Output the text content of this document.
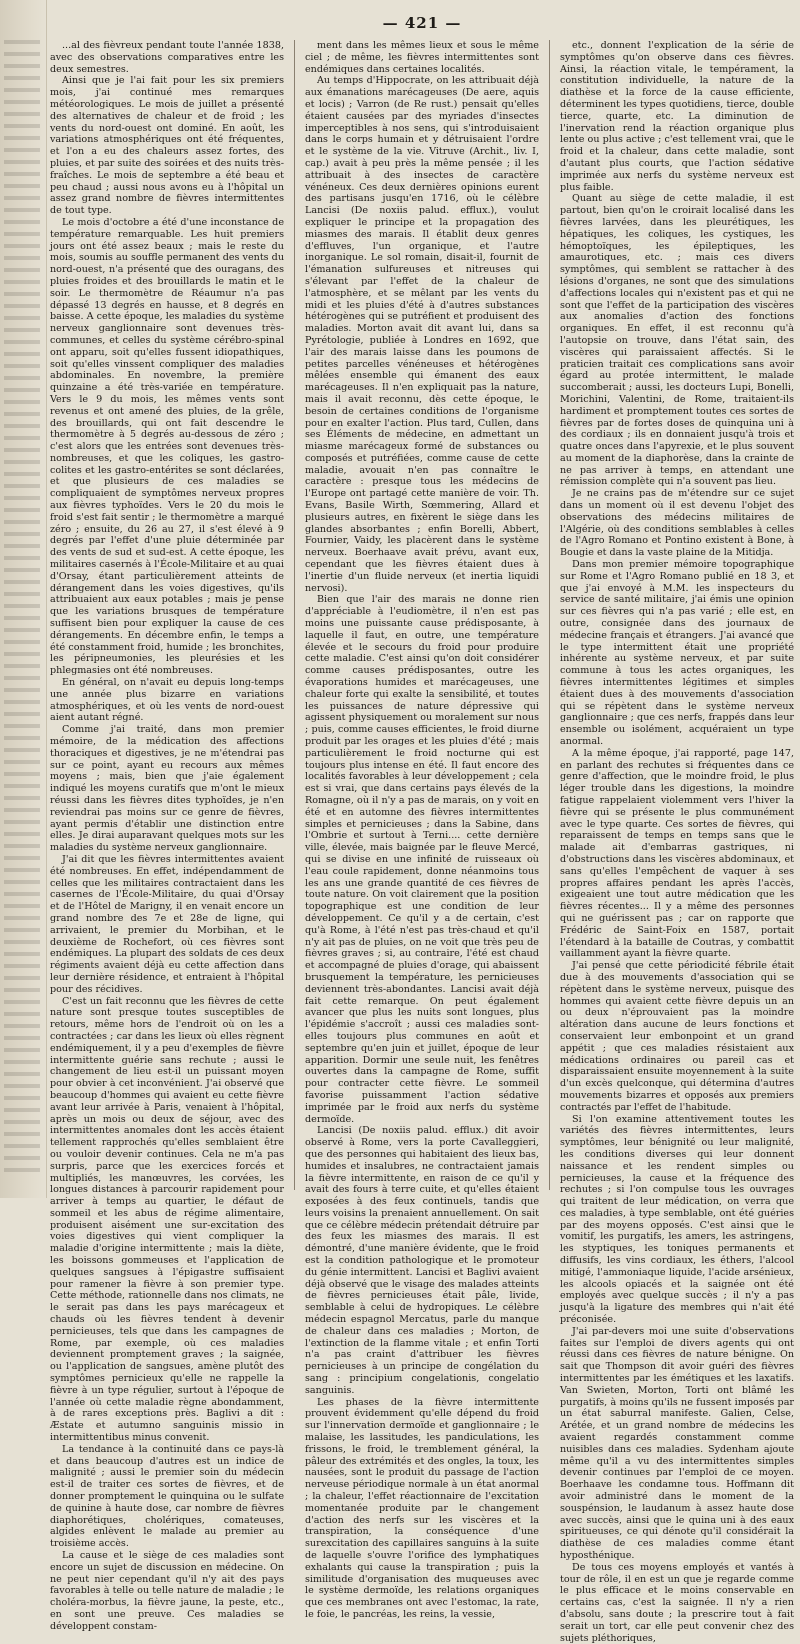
— 421 —

...al des fièvreux pendant toute l'année 1838, avec des observations comparatives entre les deux semestres.

Ainsi que je l'ai fait pour les six premiers mois, j'ai continué mes remarques météorologiques. Le mois de juillet a présenté des alternatives de chaleur et de froid ; les vents du nord-ouest ont dominé. En août, les variations atmosphériques ont été fréquentes, et l'on a eu des chaleurs assez fortes, des pluies, et par suite des soirées et des nuits très-fraîches. Le mois de septembre a été beau et peu chaud ; aussi nous avons eu à l'hôpital un assez grand nombre de fièvres intermittentes de tout type.

Le mois d'octobre a été d'une inconstance de température remarquable. Les huit premiers jours ont été assez beaux ; mais le reste du mois, soumis au souffle permanent des vents du nord-ouest, n'a présenté que des ouragans, des pluies froides et des brouillards le matin et le soir. Le thermomètre de Réaumur n'a pas dépassé 13 degrés en hausse, et 8 degrés en baisse. A cette époque, les maladies du système nerveux ganglionnaire sont devenues très-communes, et celles du système cérébro-spinal ont apparu, soit qu'elles fussent idiopathiques, soit qu'elles vinssent compliquer des maladies abdominales. En novembre, la première quinzaine a été très-variée en température. Vers le 9 du mois, les mêmes vents sont revenus et ont amené des pluies, de la grêle, des brouillards, qui ont fait descendre le thermomètre à 5 degrés au-dessous de zéro ; c'est alors que les entrées sont devenues très-nombreuses, et que les coliques, les gastro-colites et les gastro-entérites se sont déclarées, et que plusieurs de ces maladies se compliquaient de symptômes nerveux propres aux fièvres typhoïdes. Vers le 20 du mois le froid s'est fait sentir ; le thermomètre a marqué zéro ; ensuite, du 26 au 27, il s'est élevé à 9 degrés par l'effet d'une pluie déterminée par des vents de sud et sud-est. A cette époque, les militaires casernés à l'École-Militaire et au quai d'Orsay, étant particulièrement atteints de dérangement dans les voies digestives, qu'ils attribuaient aux eaux potables ; mais je pense que les variations brusques de température suffisent bien pour expliquer la cause de ces dérangements. En décembre enfin, le temps a été constamment froid, humide ; les bronchites, les péripneumonies, les pleurésies et les phlegmasies ont été nombreuses.

En général, on n'avait eu depuis long-temps une année plus bizarre en variations atmosphériques, et où les vents de nord-ouest aient autant régné.

Comme j'ai traité, dans mon premier mémoire, de la médication des affections thoraciques et digestives, je ne m'étendrai pas sur ce point, ayant eu recours aux mêmes moyens ; mais, bien que j'aie également indiqué les moyens curatifs que m'ont le mieux réussi dans les fièvres dites typhoïdes, je n'en reviendrai pas moins sur ce genre de fièvres, ayant permis d'établir une distinction entre elles. Je dirai auparavant quelques mots sur les maladies du système nerveux ganglionnaire.

J'ai dit que les fièvres intermittentes avaient été nombreuses. En effet, indépendamment de celles que les militaires contractaient dans les casernes de l'École-Militaire, du quai d'Orsay et de l'Hôtel de Marigny, il en venait encore un grand nombre des 7e et 28e de ligne, qui arrivaient, le premier du Morbihan, et le deuxième de Rochefort, où ces fièvres sont endémiques. La plupart des soldats de ces deux régiments avaient déjà eu cette affection dans leur dernière résidence, et entraient à l'hôpital pour des récidives.

C'est un fait reconnu que les fièvres de cette nature sont presque toutes susceptibles de retours, même hors de l'endroit où on les a contractées ; car dans les lieux où elles règnent endémiquement, il y a peu d'exemples de fièvre intermittente guérie sans rechute ; aussi le changement de lieu est-il un puissant moyen pour obvier à cet inconvénient. J'ai observé que beaucoup d'hommes qui avaient eu cette fièvre avant leur arrivée à Paris, venaient à l'hôpital, après un mois ou deux de séjour, avec des intermittentes anomales dont les accès étaient tellement rapprochés qu'elles semblaient être ou vouloir devenir continues. Cela ne m'a pas surpris, parce que les exercices forcés et multipliés, les manœuvres, les corvées, les longues distances à parcourir rapidement pour arriver à temps au quartier, le défaut de sommeil et les abus de régime alimentaire, produisent aisément une sur-excitation des voies digestives qui vient compliquer la maladie d'origine intermittente ; mais la diète, les boissons gommeuses et l'application de quelques sangsues à l'épigastre suffisaient pour ramener la fièvre à son premier type. Cette méthode, rationnelle dans nos climats, ne le serait pas dans les pays marécageux et chauds où les fièvres tendent à devenir pernicieuses, tels que dans les campagnes de Rome, par exemple, où ces maladies deviennent promptement graves ; la saignée, ou l'application de sangsues, amène plutôt des symptômes pernicieux qu'elle ne rappelle la fièvre à un type régulier, surtout à l'époque de l'année où cette maladie règne abondamment, à de rares exceptions près. Baglivi a dit : Æstate et autumno sanguinis missio in intermittentibus minus convenit.

La tendance à la continuité dans ce pays-là et dans beaucoup d'autres est un indice de malignité ; aussi le premier soin du médecin est-il de traiter ces sortes de fièvres, et de donner promptement le quinquina ou le sulfate de quinine à haute dose, car nombre de fièvres diaphorétiques, cholériques, comateuses, algides enlèvent le malade au premier au troisième accès.

La cause et le siège de ces maladies sont encore un sujet de discussion en médecine. On ne peut nier cependant qu'il n'y ait des pays favorables à telle ou telle nature de maladie ; le choléra-morbus, la fièvre jaune, la peste, etc., en sont une preuve. Ces maladies se développent constam-

ment dans les mêmes lieux et sous le même ciel ; de même, les fièvres intermittentes sont endémiques dans certaines localités.

Au temps d'Hippocrate, on les attribuait déjà aux émanations marécageuses (De aere, aquis et locis) ; Varron (de Re rust.) pensait qu'elles étaient causées par des myriades d'insectes imperceptibles à nos sens, qui s'introduisaient dans le corps humain et y détruisaient l'ordre et le système de la vie. Vitruve (Archit., liv. I, cap.) avait à peu près la même pensée ; il les attribuait à des insectes de caractère vénéneux. Ces deux dernières opinions eurent des partisans jusqu'en 1716, où le célèbre Lancisi (De noxiis palud. efflux.), voulut expliquer le principe et la propagation des miasmes des marais. Il établit deux genres d'effluves, l'un organique, et l'autre inorganique. Le sol romain, disait-il, fournit de l'émanation sulfureuses et nitreuses qui s'élevant par l'effet de la chaleur de l'atmosphère, et se mêlant par les vents du midi et les pluies d'été à d'autres substances hétérogènes qui se putréfient et produisent des maladies. Morton avait dit avant lui, dans sa Pyrétologie, publiée à Londres en 1692, que l'air des marais laisse dans les poumons de petites parcelles vénéneuses et hétérogènes mêlées ensemble qui émanent des eaux marécageuses. Il n'en expliquait pas la nature, mais il avait reconnu, dès cette époque, le besoin de certaines conditions de l'organisme pour en exalter l'action. Plus tard, Cullen, dans ses Éléments de médecine, en admettant un miasme marécageux formé de substances ou composés et putréfiées, comme cause de cette maladie, avouait n'en pas connaître le caractère : presque tous les médecins de l'Europe ont partagé cette manière de voir. Th. Evans, Basile Wirth, Sœmmering, Allard et plusieurs autres, en fixèrent le siège dans les glandes absorbantes ; enfin Borelli, Abbert, Fournier, Vaidy, les placèrent dans le système nerveux. Boerhaave avait prévu, avant eux, cependant que les fièvres étaient dues à l'inertie d'un fluide nerveux (et inertia liquidi nervosi).

Bien que l'air des marais ne donne rien d'appréciable à l'eudiomètre, il n'en est pas moins une puissante cause prédisposante, à laquelle il faut, en outre, une température élevée et le secours du froid pour produire cette maladie. C'est ainsi qu'on doit considérer comme causes prédisposantes, outre les évaporations humides et marécageuses, une chaleur forte qui exalte la sensibilité, et toutes les puissances de nature dépressive qui agissent physiquement ou moralement sur nous ; puis, comme causes efficientes, le froid diurne produit par les orages et les pluies d'été ; mais particulièrement le froid nocturne qui est toujours plus intense en été. Il faut encore des localités favorables à leur développement ; cela est si vrai, que dans certains pays élevés de la Romagne, où il n'y a pas de marais, on y voit en été et en automne des fièvres intermittentes simples et pernicieuses ; dans la Sabine, dans l'Ombrie et surtout à Terni.... cette dernière ville, élevée, mais baignée par le fleuve Mercé, qui se divise en une infinité de ruisseaux où l'eau coule rapidement, donne néanmoins tous les ans une grande quantité de ces fièvres de toute nature. On voit clairement que la position topographique est une condition de leur développement. Ce qu'il y a de certain, c'est qu'à Rome, à l'été n'est pas très-chaud et qu'il n'y ait pas de pluies, on ne voit que très peu de fièvres graves ; si, au contraire, l'été est chaud et accompagné de pluies d'orage, qui abaissent brusquement la température, les pernicieuses deviennent très-abondantes. Lancisi avait déjà fait cette remarque. On peut également avancer que plus les nuits sont longues, plus l'épidémie s'accroît ; aussi ces maladies sont-elles toujours plus communes en août et septembre qu'en juin et juillet, époque de leur apparition. Dormir une seule nuit, les fenêtres ouvertes dans la campagne de Rome, suffit pour contracter cette fièvre. Le sommeil favorise puissamment l'action sédative imprimée par le froid aux nerfs du système dermoïde.

Lancisi (De noxiis palud. efflux.) dit avoir observé à Rome, vers la porte Cavalleggieri, que des personnes qui habitaient des lieux bas, humides et insalubres, ne contractaient jamais la fièvre intermittente, en raison de ce qu'il y avait des fours à terre cuite, et qu'elles étaient exposées à des feux continuels, tandis que leurs voisins la prenaient annuellement. On sait que ce célèbre médecin prétendait détruire par des feux les miasmes des marais. Il est démontré, d'une manière évidente, que le froid est la condition pathologique et le promoteur du génie intermittent. Lancisi et Baglivi avaient déjà observé que le visage des malades atteints de fièvres pernicieuses était pâle, livide, semblable à celui de hydropiques. Le célèbre médecin espagnol Mercatus, parle du manque de chaleur dans ces maladies ; Morton, de l'extinction de la flamme vitale ; et enfin Torti n'a pas craint d'attribuer les fièvres pernicieuses à un principe de congélation du sang : principium congelationis, congelatio sanguinis.

Les phases de la fièvre intermittente prouvent évidemment qu'elle dépend du froid sur l'innervation dermoïde et ganglionnaire ; le malaise, les lassitudes, les pandiculations, les frissons, le froid, le tremblement général, la pâleur des extrémités et des ongles, la toux, les nausées, sont le produit du passage de l'action nerveuse périodique normale à un état anormal ; la chaleur, l'effet réactionnaire de l'excitation momentanée produite par le changement d'action des nerfs sur les viscères et la transpiration, la conséquence d'une surexcitation des capillaires sanguins à la suite de laquelle s'ouvre l'orifice des lymphatiques exhalants qui cause la transpiration ; puis la similitude d'organisation des muqueuses avec le système dermoïde, les relations organiques que ces membranes ont avec l'estomac, la rate, le foie, le pancréas, les reins, la vessie,

etc., donnent l'explication de la série de symptômes qu'on observe dans ces fièvres. Ainsi, la réaction vitale, le tempérament, la constitution individuelle, la nature de la diathèse et la force de la cause efficiente, déterminent les types quotidiens, tierce, double tierce, quarte, etc. La diminution de l'inervation rend la réaction organique plus lente ou plus active ; c'est tellement vrai, que le froid et la chaleur, dans cette maladie, sont d'autant plus courts, que l'action sédative imprimée aux nerfs du système nerveux est plus faible.

Quant au siège de cette maladie, il est partout, bien qu'on le croirait localisé dans les fièvres larvées, dans les pleurétiques, les hépatiques, les coliques, les cystiques, les hémoptoïques, les épileptiques, les amaurotiques, etc. ; mais ces divers symptômes, qui semblent se rattacher à des lésions d'organes, ne sont que des simulations d'affections locales qui n'existent pas et qui ne sont que l'effet de la participation des viscères aux anomalies d'action des fonctions organiques. En effet, il est reconnu qu'à l'autopsie on trouve, dans l'état sain, des viscères qui paraissaient affectés. Si le praticien traitait ces complications sans avoir égard au protée intermittent, le malade succomberait ; aussi, les docteurs Lupi, Bonelli, Morichini, Valentini, de Rome, traitaient-ils hardiment et promptement toutes ces sortes de fièvres par de fortes doses de quinquina uni à des cordiaux ; ils en donnaient jusqu'à trois et quatre onces dans l'apyrexie, et le plus souvent au moment de la diaphorèse, dans la crainte de ne pas arriver à temps, en attendant une rémission complète qui n'a souvent pas lieu.

Je ne crains pas de m'étendre sur ce sujet dans un moment où il est devenu l'objet des observations des médecins militaires de l'Algérie, où des conditions semblables à celles de l'Agro Romano et Pontino existent à Bone, à Bougie et dans la vaste plaine de la Mitidja.

Dans mon premier mémoire topographique sur Rome et l'Agro Romano publié en 18 3, et que j'ai envoyé à M.M. les inspecteurs du service de santé militaire, j'ai émis une opinion sur ces fièvres qui n'a pas varié ; elle est, en outre, consignée dans des journaux de médecine français et étrangers. J'ai avancé que le type intermittent était une propriété inhérente au système nerveux, et par suite commune à tous les actes organiques, les fièvres intermittentes légitimes et simples étaient dues à des mouvements d'association qui se répètent dans le système nerveux ganglionnaire ; que ces nerfs, frappés dans leur ensemble ou isolément, acquéraient un type anormal.

A la même époque, j'ai rapporté, page 147, en parlant des rechutes si fréquentes dans ce genre d'affection, que le moindre froid, le plus léger trouble dans les digestions, la moindre fatigue rappelaient violemment vers l'hiver la fièvre qui se présente le plus communément avec le type quarte. Ces sortes de fièvres, qui reparaissent de temps en temps sans que le malade ait d'embarras gastriques, ni d'obstructions dans les viscères abdominaux, et sans qu'elles l'empêchent de vaquer à ses propres affaires pendant les après l'accès, exigeaient une tout autre médication que les fièvres récentes... Il y a même des personnes qui ne guérissent pas ; car on rapporte que Frédéric de Saint-Foix en 1587, portait l'étendard à la bataille de Coutras, y combattit vaillamment ayant la fièvre quarte.

J'ai pensé que cette périodicité fébrile était due à des mouvements d'association qui se répètent dans le système nerveux, puisque des hommes qui avaient cette fièvre depuis un an ou deux n'éprouvaient pas la moindre altération dans aucune de leurs fonctions et conservaient leur embonpoint et un grand appétit ; que ces maladies résistaient aux médications ordinaires ou pareil cas et disparaissaient ensuite moyennement à la suite d'un excès quelconque, qui détermina d'autres mouvements bizarres et opposés aux premiers contractés par l'effet de l'habitude.

Si l'on examine attentivement toutes les variétés des fièvres intermittentes, leurs symptômes, leur bénignité ou leur malignité, les conditions diverses qui leur donnent naissance et les rendent simples ou pernicieuses, la cause et la fréquence des rechutes ; si l'on compulse tous les ouvrages qui traitent de leur médication, on verra que ces maladies, à type semblable, ont été guéries par des moyens opposés. C'est ainsi que le vomitif, les purgatifs, les amers, les astringens, les styptiques, les toniques permanents et diffusifs, les vins cordiaux, les éthers, l'alcool mitigé, l'ammoniaque liquide, l'acide arsénieux, les alcools opiacés et la saignée ont été employés avec quelque succès ; il n'y a pas jusqu'à la ligature des membres qui n'ait été préconisée.

J'ai par-devers moi une suite d'observations faites sur l'emploi de divers agents qui ont réussi dans ces fièvres de nature bénigne. On sait que Thompson dit avoir guéri des fièvres intermittentes par les émétiques et les laxatifs. Van Swieten, Morton, Torti ont blâmé les purgatifs, à moins qu'ils ne fussent imposés par un état saburral manifeste. Galien, Celse, Arétée, et un grand nombre de médecins les avaient regardés constamment comme nuisibles dans ces maladies. Sydenham ajoute même qu'il a vu des intermittentes simples devenir continues par l'emploi de ce moyen. Boerhaave les condamne tous. Hoffmann dit avoir administré dans le moment de la souspénsion, le laudanum à assez haute dose avec succès, ainsi que le quina uni à des eaux spiritueuses, ce qui dénote qu'il considérait la diathèse de ces maladies comme étant hyposthénique.

De tous ces moyens employés et vantés à tour de rôle, il en est un que je regarde comme le plus efficace et le moins conservable en certains cas, c'est la saignée. Il n'y a rien d'absolu, sans doute ; la prescrire tout à fait serait un tort, car elle peut convenir chez des sujets pléthoriques,
